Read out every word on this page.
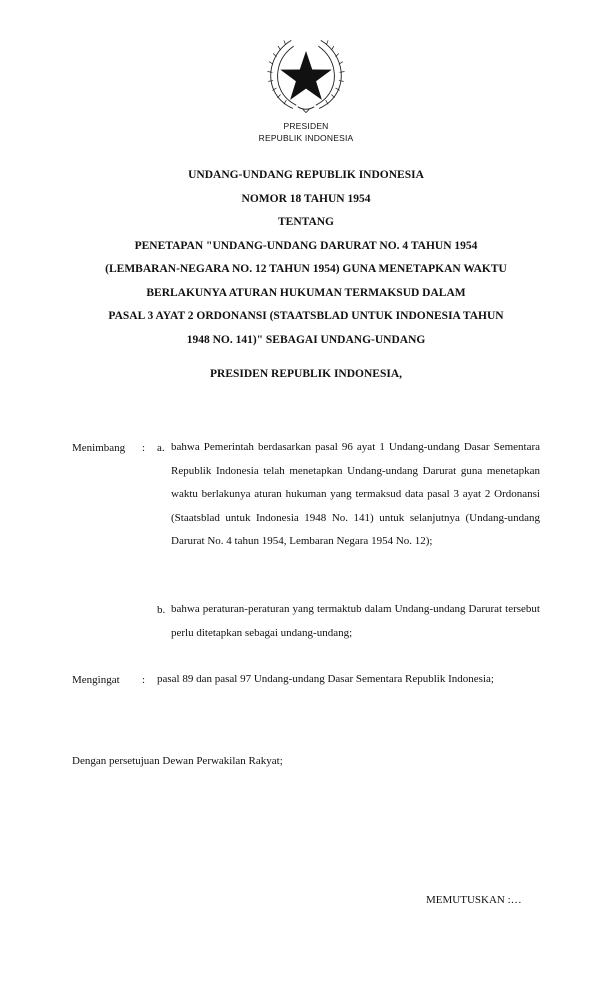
PRESIDEN
REPUBLIK INDONESIA
UNDANG-UNDANG REPUBLIK INDONESIA
NOMOR 18 TAHUN 1954
TENTANG
PENETAPAN "UNDANG-UNDANG DARURAT NO. 4 TAHUN 1954
(LEMBARAN-NEGARA NO. 12 TAHUN 1954) GUNA MENETAPKAN WAKTU
BERLAKUNYA ATURAN HUKUMAN TERMAKSUD DALAM
PASAL 3 AYAT 2 ORDONANSI (STAATSBLAD UNTUK INDONESIA TAHUN
1948 NO. 141)" SEBAGAI UNDANG-UNDANG
PRESIDEN REPUBLIK INDONESIA,
Menimbang : a. bahwa Pemerintah berdasarkan pasal 96 ayat 1 Undang-undang Dasar Sementara Republik Indonesia telah menetapkan Undang-undang Darurat guna menetapkan waktu berlakunya aturan hukuman yang termaksud data pasal 3 ayat 2 Ordonansi (Staatsblad untuk Indonesia 1948 No. 141) untuk selanjutnya (Undang-undang Darurat No. 4 tahun 1954, Lembaran Negara 1954 No. 12);
b. bahwa peraturan-peraturan yang termaktub dalam Undang-undang Darurat tersebut perlu ditetapkan sebagai undang-undang;
Mengingat : pasal 89 dan pasal 97 Undang-undang Dasar Sementara Republik Indonesia;
Dengan persetujuan Dewan Perwakilan Rakyat;
MEMUTUSKAN :…
